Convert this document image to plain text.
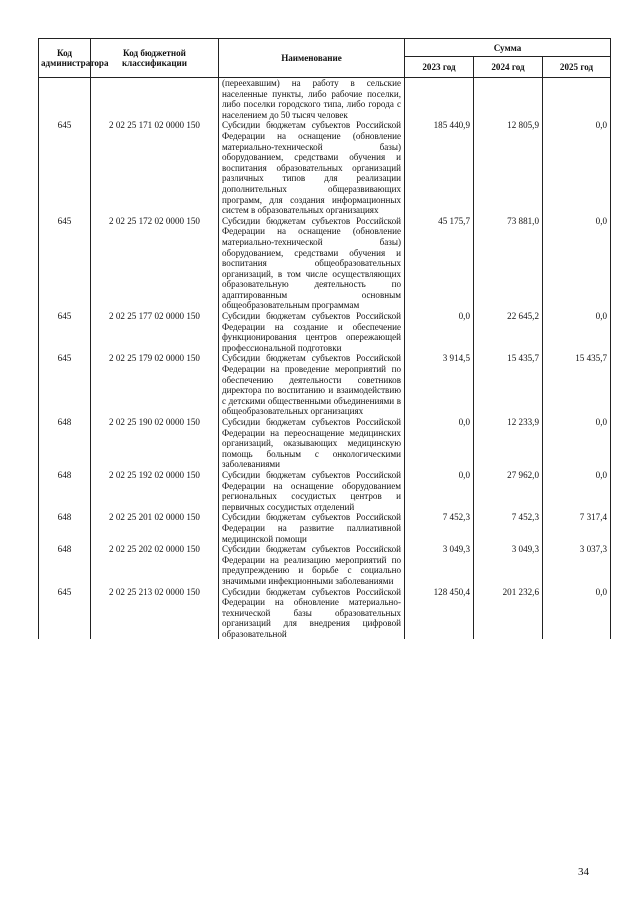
Код администратора	Код бюджетной классификации	Наименование	Сумма		
			2023 год	2024 год	2025 год
		(переехавшим) на работу в сельские населенные пункты, либо рабочие поселки, либо поселки городского типа, либо города с населением до 50 тысяч человек			
645	2 02 25 171 02 0000 150	Субсидии бюджетам субъектов Российской Федерации на оснащение (обновление материально-технической базы) оборудованием, средствами обучения и воспитания образовательных организаций различных типов для реализации дополнительных общеразвивающих программ, для создания информационных систем в образовательных организациях	185 440,9	12 805,9	0,0
645	2 02 25 172 02 0000 150	Субсидии бюджетам субъектов Российской Федерации на оснащение (обновление материально-технической базы) оборудованием, средствами обучения и воспитания общеобразовательных организаций, в том числе осуществляющих образовательную деятельность по адаптированным основным общеобразовательным программам	45 175,7	73 881,0	0,0
645	2 02 25 177 02 0000 150	Субсидии бюджетам субъектов Российской Федерации на создание и обеспечение функционирования центров опережающей профессиональной подготовки	0,0	22 645,2	0,0
645	2 02 25 179 02 0000 150	Субсидии бюджетам субъектов Российской Федерации на проведение мероприятий по обеспечению деятельности советников директора по воспитанию и взаимодействию с детскими общественными объединениями в общеобразовательных организациях	3 914,5	15 435,7	15 435,7
648	2 02 25 190 02 0000 150	Субсидии бюджетам субъектов Российской Федерации на переоснащение медицинских организаций, оказывающих медицинскую помощь больным с онкологическими заболеваниями	0,0	12 233,9	0,0
648	2 02 25 192 02 0000 150	Субсидии бюджетам субъектов Российской Федерации на оснащение оборудованием региональных сосудистых центров и первичных сосудистых отделений	0,0	27 962,0	0,0
648	2 02 25 201 02 0000 150	Субсидии бюджетам субъектов Российской Федерации на развитие паллиативной медицинской помощи	7 452,3	7 452,3	7 317,4
648	2 02 25 202 02 0000 150	Субсидии бюджетам субъектов Российской Федерации на реализацию мероприятий по предупреждению и борьбе с социально значимыми инфекционными заболеваниями	3 049,3	3 049,3	3 037,3
645	2 02 25 213 02 0000 150	Субсидии бюджетам субъектов Российской Федерации на обновление материально-технической базы образовательных организаций для внедрения цифровой образовательной	128 450,4	201 232,6	0,0
34
